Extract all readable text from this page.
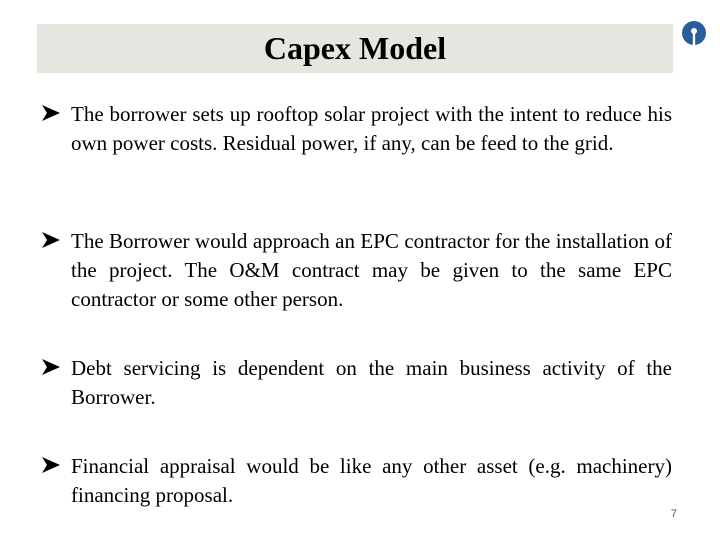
Capex Model
The borrower sets up rooftop solar project with the intent to reduce his own power costs. Residual power, if any, can be feed to the grid.
The Borrower would approach an EPC contractor for the installation of the project. The O&M contract may be given to the same EPC contractor or some other person.
Debt servicing is dependent on the main business activity of the Borrower.
Financial appraisal would be like any other asset (e.g. machinery) financing proposal.
7
